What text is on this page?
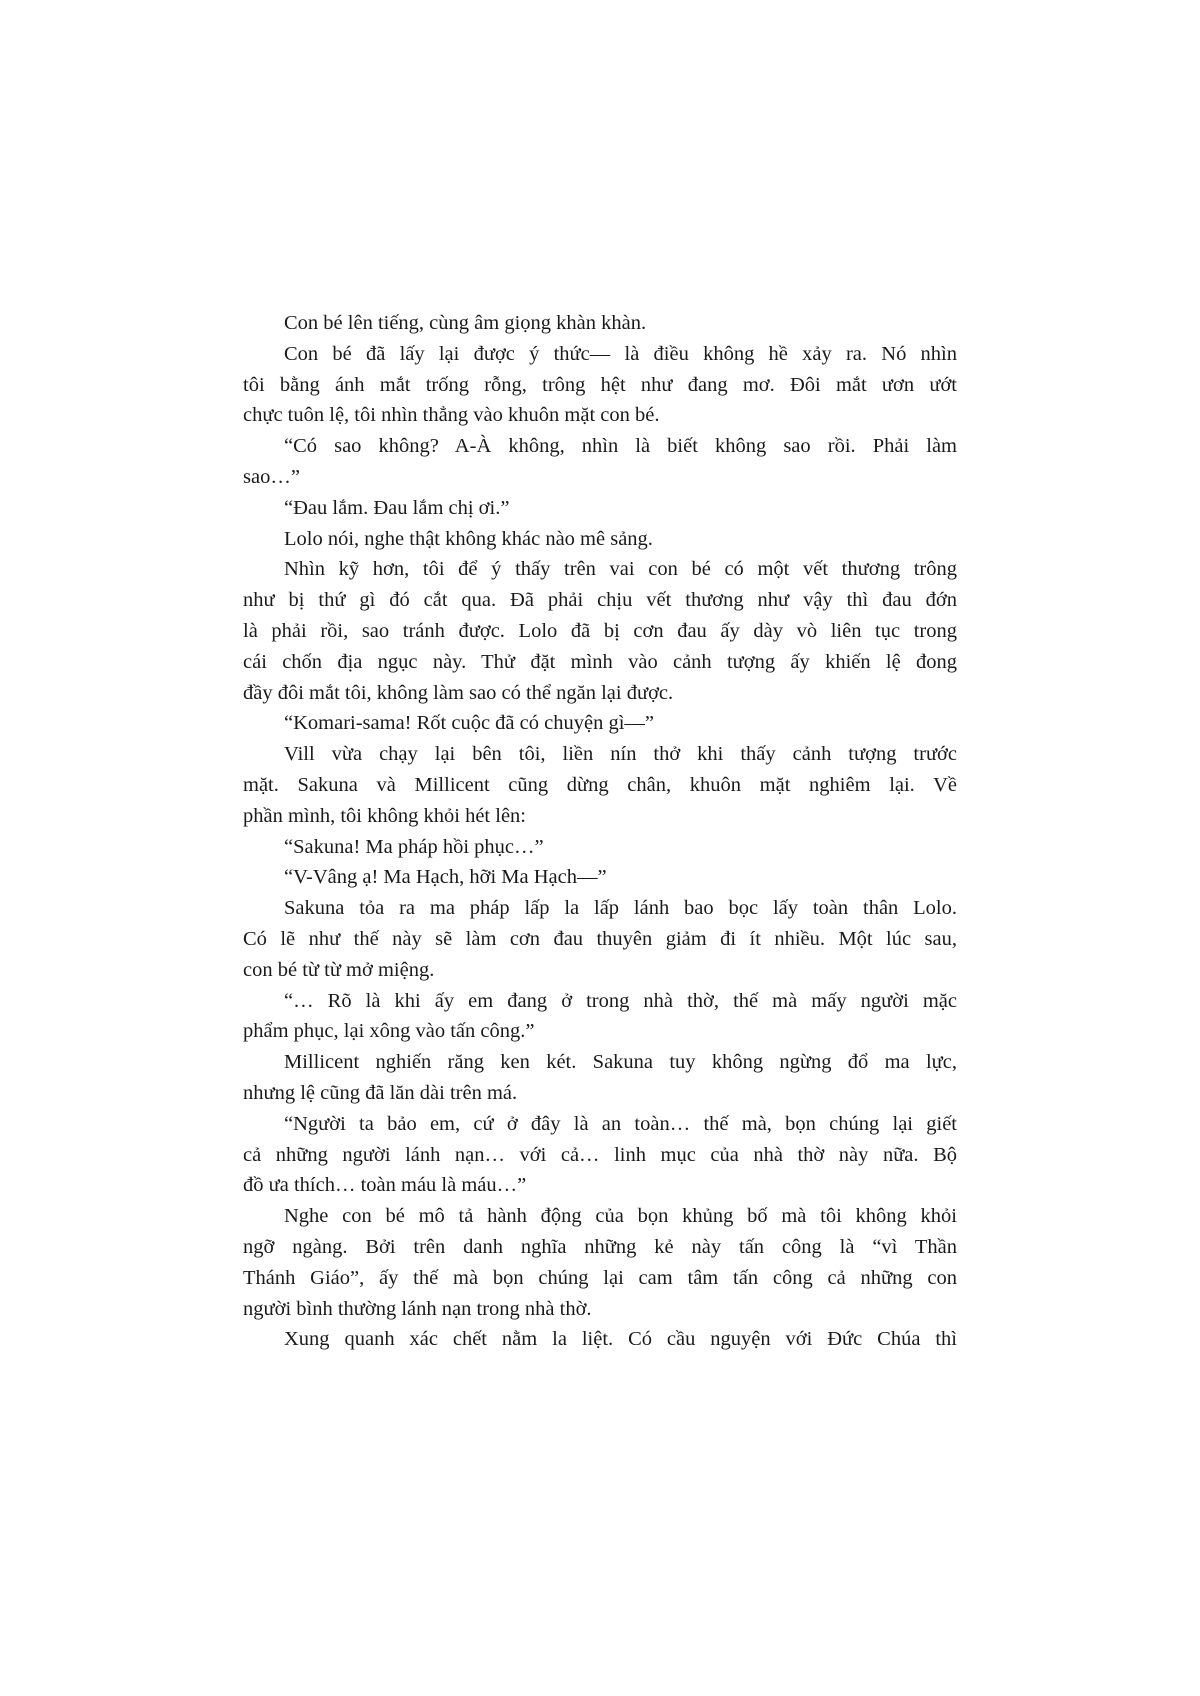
Con bé lên tiếng, cùng âm giọng khàn khàn.
Con bé đã lấy lại được ý thức— là điều không hề xảy ra. Nó nhìn
tôi bằng ánh mắt trống rỗng, trông hệt như đang mơ. Đôi mắt ươn ướt
chực tuôn lệ, tôi nhìn thẳng vào khuôn mặt con bé.
“Có sao không? A-À không, nhìn là biết không sao rồi. Phải làm
sao…”
“Đau lắm. Đau lắm chị ơi.”
Lolo nói, nghe thật không khác nào mê sảng.
Nhìn kỹ hơn, tôi để ý thấy trên vai con bé có một vết thương trông
như bị thứ gì đó cắt qua. Đã phải chịu vết thương như vậy thì đau đớn
là phải rồi, sao tránh được. Lolo đã bị cơn đau ấy dày vò liên tục trong
cái chốn địa ngục này. Thử đặt mình vào cảnh tượng ấy khiến lệ đong
đầy đôi mắt tôi, không làm sao có thể ngăn lại được.
“Komari-sama! Rốt cuộc đã có chuyện gì—”
Vill vừa chạy lại bên tôi, liền nín thở khi thấy cảnh tượng trước
mặt. Sakuna và Millicent cũng dừng chân, khuôn mặt nghiêm lại. Về
phần mình, tôi không khỏi hét lên:
“Sakuna! Ma pháp hồi phục…”
“V-Vâng ạ! Ma Hạch, hỡi Ma Hạch—”
Sakuna tỏa ra ma pháp lấp la lấp lánh bao bọc lấy toàn thân Lolo.
Có lẽ như thế này sẽ làm cơn đau thuyên giảm đi ít nhiều. Một lúc sau,
con bé từ từ mở miệng.
“… Rõ là khi ấy em đang ở trong nhà thờ, thế mà mấy người mặc
phẩm phục, lại xông vào tấn công.”
Millicent nghiến răng ken két. Sakuna tuy không ngừng đổ ma lực,
nhưng lệ cũng đã lăn dài trên má.
“Người ta bảo em, cứ ở đây là an toàn… thế mà, bọn chúng lại giết
cả những người lánh nạn… với cả… linh mục của nhà thờ này nữa. Bộ
đồ ưa thích… toàn máu là máu…”
Nghe con bé mô tả hành động của bọn khủng bố mà tôi không khỏi
ngỡ ngàng. Bởi trên danh nghĩa những kẻ này tấn công là “vì Thần
Thánh Giáo”, ấy thế mà bọn chúng lại cam tâm tấn công cả những con
người bình thường lánh nạn trong nhà thờ.
Xung quanh xác chết nằm la liệt. Có cầu nguyện với Đức Chúa thì
